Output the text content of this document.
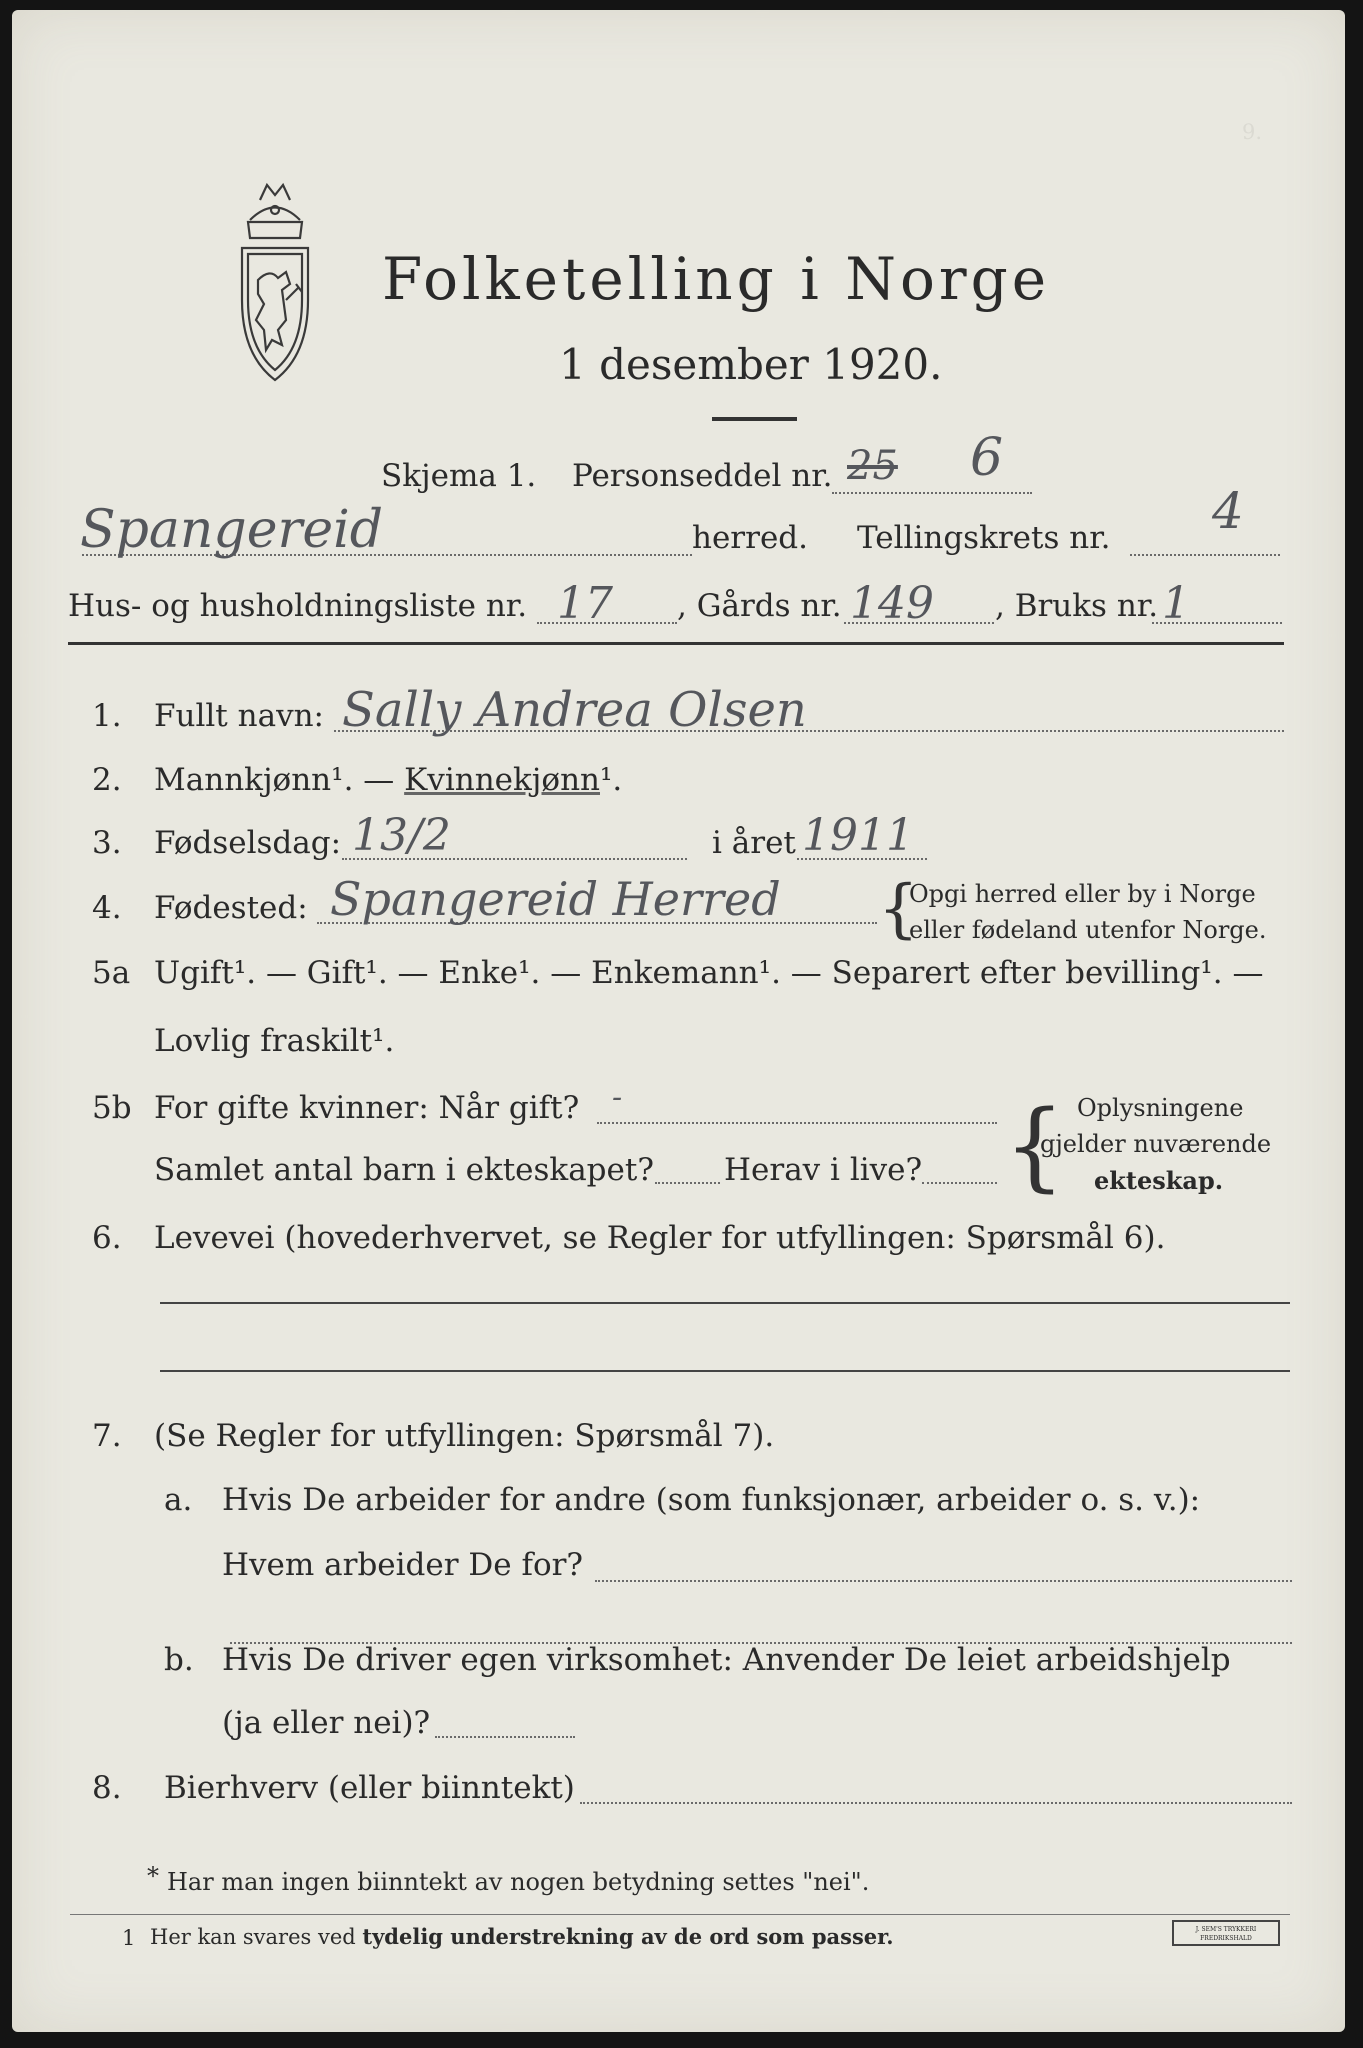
9.
Folketelling i Norge
1 desember 1920.
Skjema 1. Personseddel nr. 25 6
Spangereid	herred. Tellingskrets nr. 4
Hus- og husholdningsliste nr. 17 , Gårds nr. 149 , Bruks nr. 1
1. Fullt navn: Sally Andrea Olsen
2. Mannkjønn¹. — Kvinnekjønn¹.
3. Fødselsdag: 13/2	i året 1911
4. Fødested: Spangereid Herred {
Opgi herred eller by i Norge
eller fødeland utenfor Norge.
5a Ugift¹. — Gift¹. — Enke¹. — Enkemann¹. — Separert efter bevilling¹. —
Lovlig fraskilt¹.
5b For gifte kvinner: Når gift? -
Samlet antal barn i ekteskapet? Herav i live? { Oplysningene
gjelder nuværende
ekteskap.
6. Levevei (hovederhvervet, se Regler for utfyllingen: Spørsmål 6).
7. (Se Regler for utfyllingen: Spørsmål 7).
a. Hvis De arbeider for andre (som funksjonær, arbeider o. s. v.):
Hvem arbeider De for?
b. Hvis De driver egen virksomhet: Anvender De leiet arbeidshjelp
(ja eller nei)?
8. Bierhverv (eller biinntekt)
* Har man ingen biinntekt av nogen betydning settes "nei".
1 Her kan svares ved tydelig understrekning av de ord som passer.	J. SEM'S TRYKKERI FREDRIKSHALD
